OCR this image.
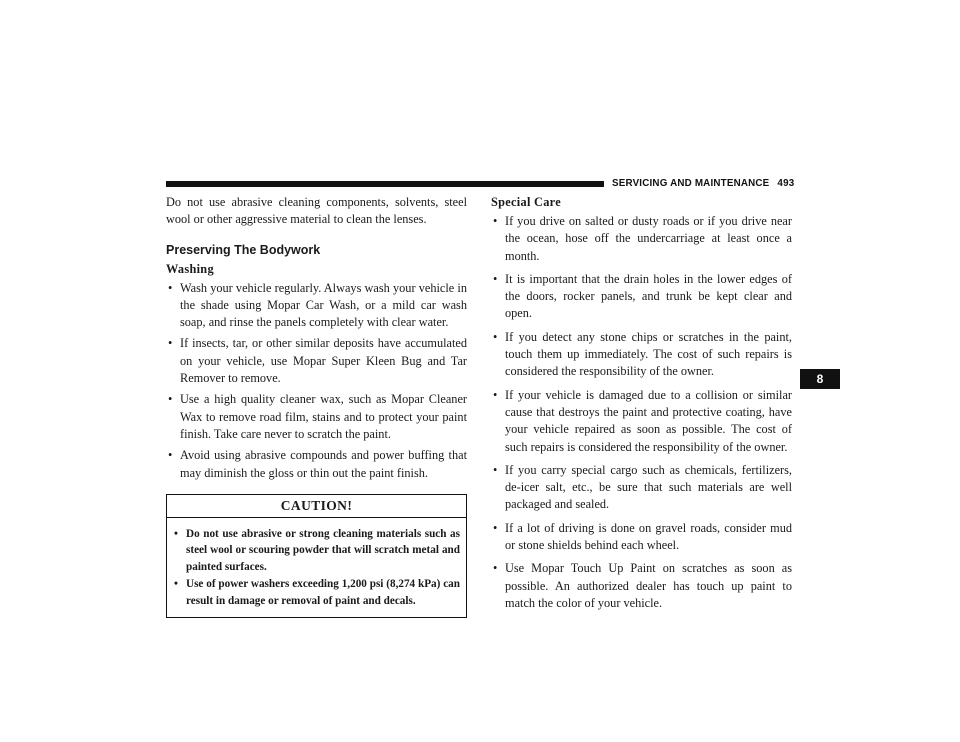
SERVICING AND MAINTENANCE 493
8

Do not use abrasive cleaning components, solvents, steel wool or other aggressive material to clean the lenses.

Preserving The Bodywork
Washing
• Wash your vehicle regularly. Always wash your vehicle in the shade using Mopar Car Wash, or a mild car wash soap, and rinse the panels completely with clear water.
• If insects, tar, or other similar deposits have accumulated on your vehicle, use Mopar Super Kleen Bug and Tar Remover to remove.
• Use a high quality cleaner wax, such as Mopar Cleaner Wax to remove road film, stains and to protect your paint finish. Take care never to scratch the paint.
• Avoid using abrasive compounds and power buffing that may diminish the gloss or thin out the paint finish.
CAUTION!
• Do not use abrasive or strong cleaning materials such as steel wool or scouring powder that will scratch metal and painted surfaces.
• Use of power washers exceeding 1,200 psi (8,274 kPa) can result in damage or removal of paint and decals.
Special Care
• If you drive on salted or dusty roads or if you drive near the ocean, hose off the undercarriage at least once a month.
• It is important that the drain holes in the lower edges of the doors, rocker panels, and trunk be kept clear and open.
• If you detect any stone chips or scratches in the paint, touch them up immediately. The cost of such repairs is considered the responsibility of the owner.
• If your vehicle is damaged due to a collision or similar cause that destroys the paint and protective coating, have your vehicle repaired as soon as possible. The cost of such repairs is considered the responsibility of the owner.
• If you carry special cargo such as chemicals, fertilizers, de-icer salt, etc., be sure that such materials are well packaged and sealed.
• If a lot of driving is done on gravel roads, consider mud or stone shields behind each wheel.
• Use Mopar Touch Up Paint on scratches as soon as possible. An authorized dealer has touch up paint to match the color of your vehicle.
